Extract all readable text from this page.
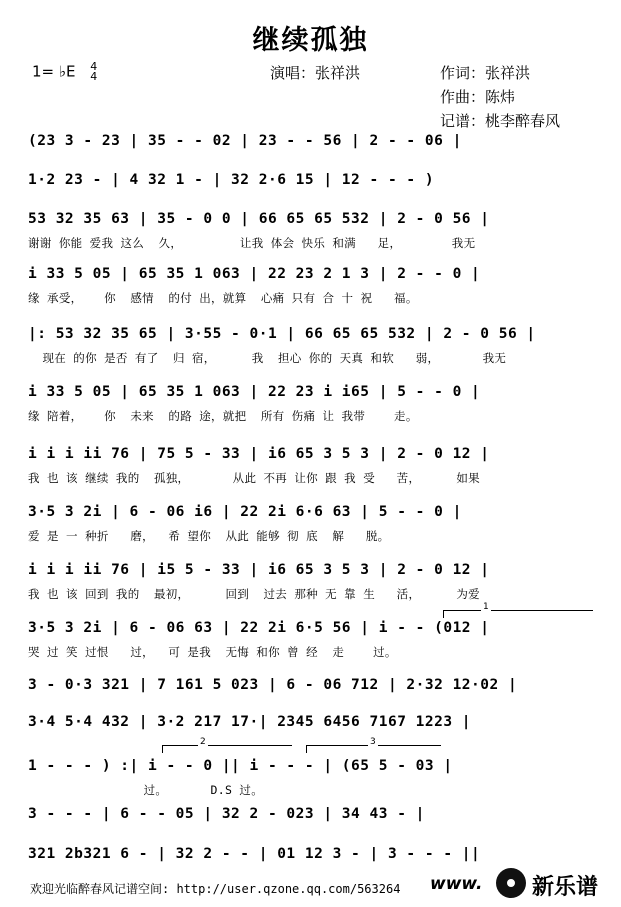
继续孤独
1= ♭E 4
4	演唱：张祥洪	作词：张祥洪
作曲：陈炜
记谱：桃李醉春风
(23 3 - 23 | 35 - - 02 | 23 - - 56 | 2 - - 06 |
1·2 23 - | 4 32 1 - | 32 2·6 15 | 12 - - - )
53 32 35 63 | 35 - 0 0 | 66 65 65 532 | 2 - 0 56 |
谢谢 你能 爱我 这么  久，        让我 体会 快乐 和满   足，       我无
i 33 5 05 | 65 35 1 063 | 22 23 2 1 3 | 2 - - 0 |
缘 承受，   你  感情  的付 出，就算  心痛 只有 合 十 祝   福。
|: 53 32 35 65 | 3·55 - 0·1 | 66 65 65 532 | 2 - 0 56 |
现在 的你 是否 有了  归 宿，     我  担心 你的 天真 和软   弱，      我无
i 33 5 05 | 65 35 1 063 | 22 23 i i65 | 5 - - 0 |
缘 陪着，   你  未来  的路 途，就把  所有 伤痛 让 我带    走。
i i i ii 76 | 75 5 - 33 | i6 65 3 5 3 | 2 - 0 12 |
我 也 该 继续 我的  孤独，      从此 不再 让你 跟 我 受   苦，     如果
3·5 3 2i | 6 - 06 i6 | 22 2i 6·6 63 | 5 - - 0 |
爱 是 一 种折   磨，  希 望你  从此 能够 彻 底  解   脱。
i i i ii 76 | i5 5 - 33 | i6 65 3 5 3 | 2 - 0 12 |
我 也 该 回到 我的  最初，     回到  过去 那种 无 靠 生   活，     为爱
1
3·5 3 2i | 6 - 06 63 | 22 2i 6·5 56 | i - - (012 |
哭 过 笑 过恨   过，  可 是我  无悔 和你 曾 经  走    过。
3 - 0·3 321 | 7 161 5 023 | 6 - 06 712 | 2·32 12·02 |
3·4 5·4 432 | 3·2 217 17·| 2345 6456 7167 1223 |
2	3
1 - - - ) :| i - - 0 || i - - - | (65 5 - 03 |
过。      D.S 过。
3 - - - | 6 - - 05 | 32 2 - 023 | 34 43 - |
321 2b321 6 - | 32 2 - - | 01 12 3 - | 3 - - - ||
欢迎光临醉春风记谱空间: http://user.qzone.qq.com/563264 www. 新乐谱
